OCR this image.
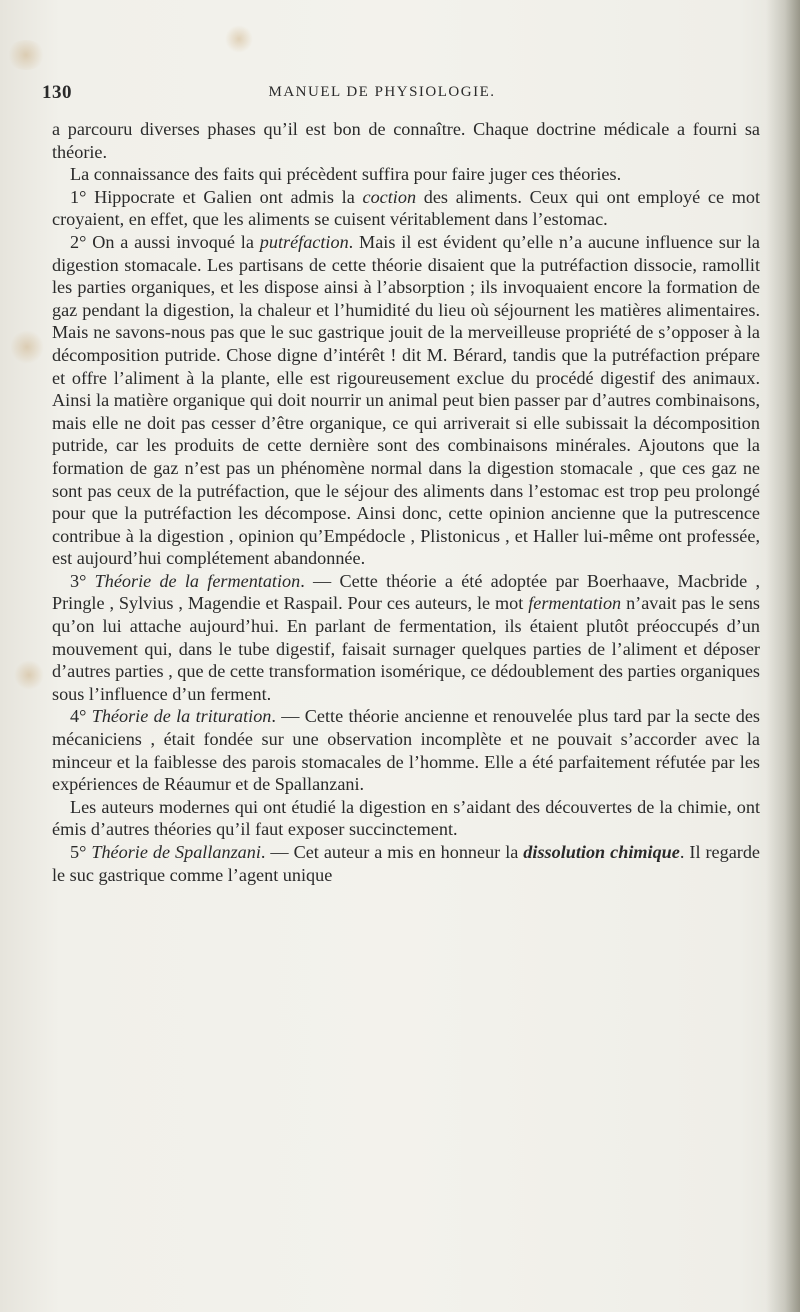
130	MANUEL DE PHYSIOLOGIE.

a parcouru diverses phases qu’il est bon de connaître. Chaque doctrine médicale a fourni sa théorie.

La connaissance des faits qui précèdent suffira pour faire juger ces théories.

1° Hippocrate et Galien ont admis la coction des aliments. Ceux qui ont employé ce mot croyaient, en effet, que les aliments se cuisent véritablement dans l’estomac.

2° On a aussi invoqué la putréfaction. Mais il est évident qu’elle n’a aucune influence sur la digestion stomacale. Les partisans de cette théorie disaient que la putréfaction dissocie, ramollit les parties organiques, et les dispose ainsi à l’absorption ; ils invoquaient encore la formation de gaz pendant la digestion, la chaleur et l’humidité du lieu où séjournent les matières alimentaires. Mais ne savons-nous pas que le suc gastrique jouit de la merveilleuse propriété de s’opposer à la décomposition putride. Chose digne d’intérêt ! dit M. Bérard, tandis que la putréfaction prépare et offre l’aliment à la plante, elle est rigoureusement exclue du procédé digestif des animaux. Ainsi la matière organique qui doit nourrir un animal peut bien passer par d’autres combinaisons, mais elle ne doit pas cesser d’être organique, ce qui arriverait si elle subissait la décomposition putride, car les produits de cette dernière sont des combinaisons minérales. Ajoutons que la formation de gaz n’est pas un phénomène normal dans la digestion stomacale , que ces gaz ne sont pas ceux de la putréfaction, que le séjour des aliments dans l’estomac est trop peu prolongé pour que la putréfaction les décompose. Ainsi donc, cette opinion ancienne que la putrescence contribue à la digestion , opinion qu’Empédocle , Plistonicus , et Haller lui-même ont professée, est aujourd’hui complétement abandonnée.

3° Théorie de la fermentation. — Cette théorie a été adoptée par Boerhaave, Macbride , Pringle , Sylvius , Magendie et Raspail. Pour ces auteurs, le mot fermentation n’avait pas le sens qu’on lui attache aujourd’hui. En parlant de fermentation, ils étaient plutôt préoccupés d’un mouvement qui, dans le tube digestif, faisait surnager quelques parties de l’aliment et déposer d’autres parties , que de cette transformation isomérique, ce dédoublement des parties organiques sous l’influence d’un ferment.

4° Théorie de la trituration. — Cette théorie ancienne et renouvelée plus tard par la secte des mécaniciens , était fondée sur une observation incomplète et ne pouvait s’accorder avec la minceur et la faiblesse des parois stomacales de l’homme. Elle a été parfaitement réfutée par les expériences de Réaumur et de Spallanzani.

Les auteurs modernes qui ont étudié la digestion en s’aidant des découvertes de la chimie, ont émis d’autres théories qu’il faut exposer succinctement.

5° Théorie de Spallanzani. — Cet auteur a mis en honneur la dissolution chimique. Il regarde le suc gastrique comme l’agent unique
